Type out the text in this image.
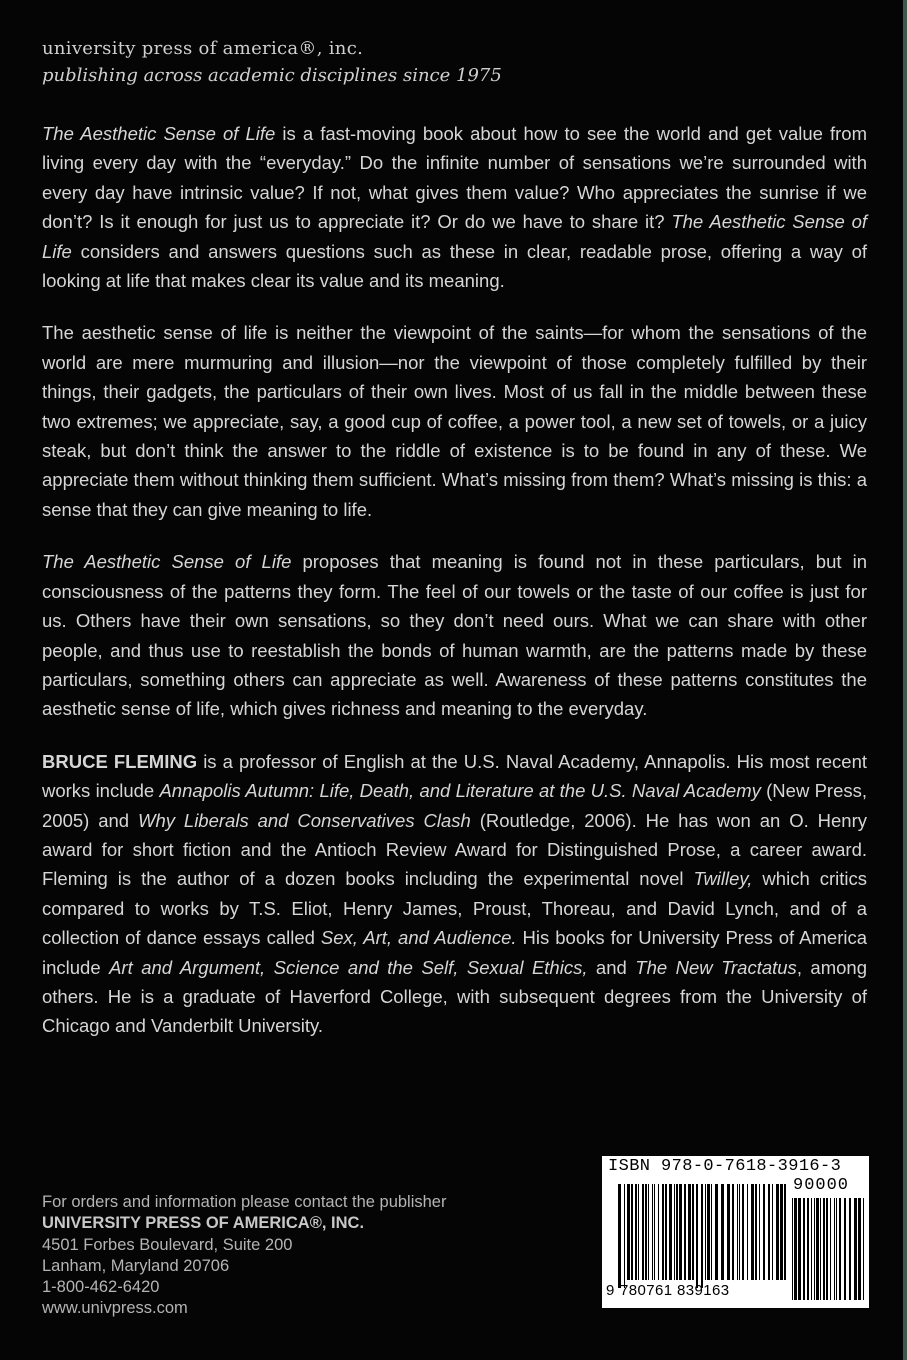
university press of america®, inc.
publishing across academic disciplines since 1975

The Aesthetic Sense of Life is a fast-moving book about how to see the world and get value from living every day with the “everyday.” Do the infinite number of sensations we’re surrounded with every day have intrinsic value? If not, what gives them value? Who appreciates the sunrise if we don’t? Is it enough for just us to appreciate it? Or do we have to share it? The Aesthetic Sense of Life considers and answers questions such as these in clear, readable prose, offering a way of looking at life that makes clear its value and its meaning.

The aesthetic sense of life is neither the viewpoint of the saints—for whom the sensations of the world are mere murmuring and illusion—nor the viewpoint of those completely fulfilled by their things, their gadgets, the particulars of their own lives. Most of us fall in the middle between these two extremes; we appreciate, say, a good cup of coffee, a power tool, a new set of towels, or a juicy steak, but don’t think the answer to the riddle of existence is to be found in any of these. We appreciate them without thinking them sufficient. What’s missing from them? What’s missing is this: a sense that they can give meaning to life.

The Aesthetic Sense of Life proposes that meaning is found not in these particulars, but in consciousness of the patterns they form. The feel of our towels or the taste of our coffee is just for us. Others have their own sensations, so they don’t need ours. What we can share with other people, and thus use to reestablish the bonds of human warmth, are the patterns made by these particulars, something others can appreciate as well. Awareness of these patterns constitutes the aesthetic sense of life, which gives richness and meaning to the everyday.

BRUCE FLEMING is a professor of English at the U.S. Naval Academy, Annapolis. His most recent works include Annapolis Autumn: Life, Death, and Literature at the U.S. Naval Academy (New Press, 2005) and Why Liberals and Conservatives Clash (Routledge, 2006). He has won an O. Henry award for short fiction and the Antioch Review Award for Distinguished Prose, a career award. Fleming is the author of a dozen books including the experimental novel Twilley, which critics compared to works by T.S. Eliot, Henry James, Proust, Thoreau, and David Lynch, and of a collection of dance essays called Sex, Art, and Audience. His books for University Press of America include Art and Argument, Science and the Self, Sexual Ethics, and The New Tractatus, among others. He is a graduate of Haverford College, with subsequent degrees from the University of Chicago and Vanderbilt University.

For orders and information please contact the publisher
UNIVERSITY PRESS OF AMERICA®, INC.
4501 Forbes Boulevard, Suite 200
Lanham, Maryland 20706
1-800-462-6420
www.univpress.com
ISBN 978-0-7618-3916-3
90000
9 780761 839163
